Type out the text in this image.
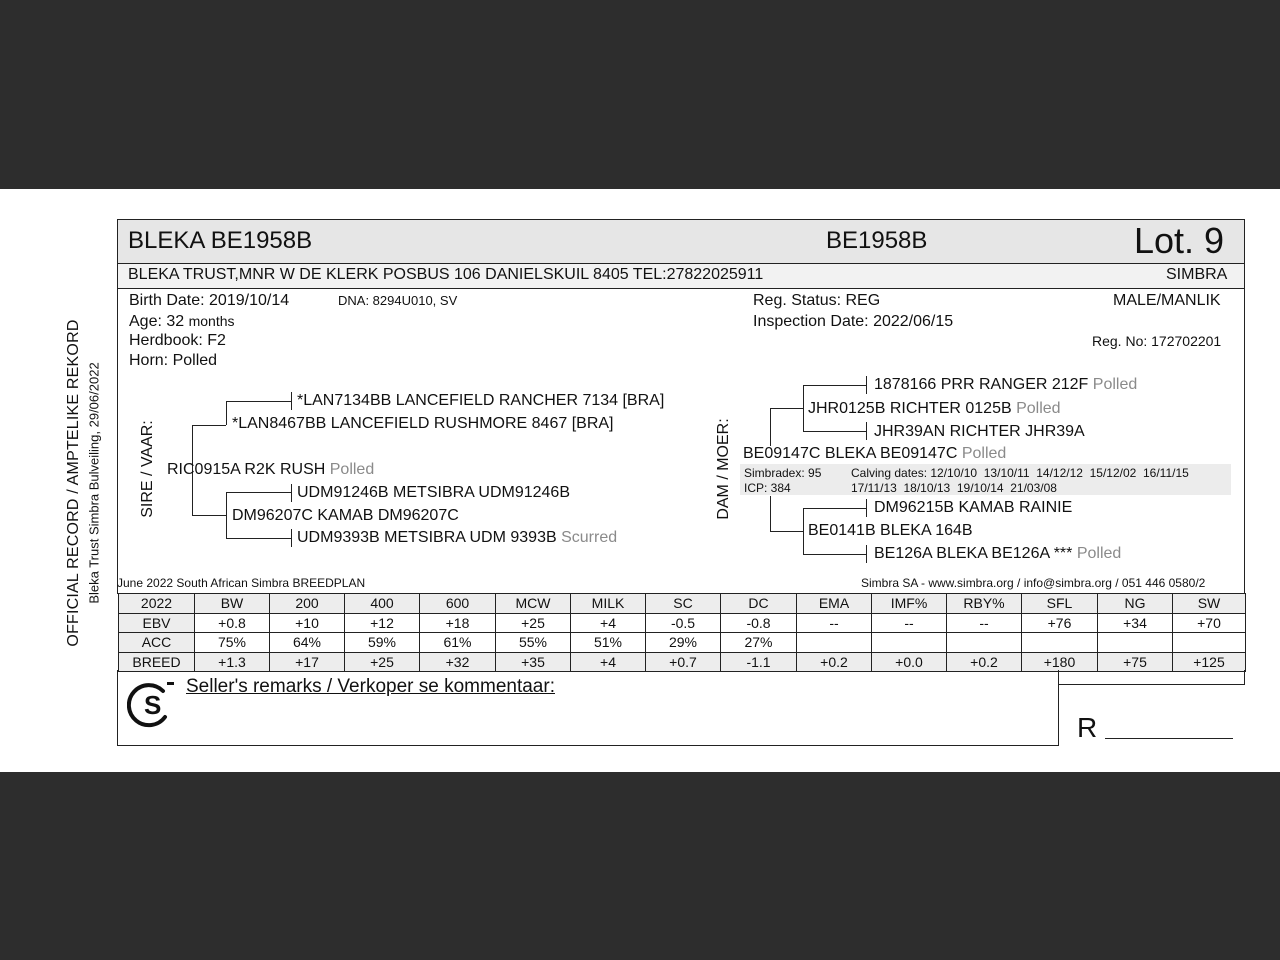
OFFICIAL RECORD / AMPTELIKE REKORD Bleka Trust Simbra Bulveiling, 29/06/2022
BLEKA BE1958B	BE1958B	Lot. 9
BLEKA TRUST,MNR W DE KLERK POSBUS 106 DANIELSKUIL 8405 TEL:27822025911	SIMBRA
Birth Date: 2019/10/14	DNA: 8294U010, SV
Age: 32 months
Herdbook: F2
Horn: Polled
Reg. Status: REG
Inspection Date: 2022/06/15
MALE/MANLIK
Reg. No: 172702201
SIRE / VAAR:
*LAN7134BB LANCEFIELD RANCHER 7134 [BRA]
*LAN8467BB LANCEFIELD RUSHMORE 8467 [BRA]
RIC0915A R2K RUSH Polled
UDM91246B METSIBRA UDM91246B
DM96207C KAMAB DM96207C
UDM9393B METSIBRA UDM 9393B Scurred
DAM / MOER:
1878166 PRR RANGER 212F Polled
JHR0125B RICHTER 0125B Polled
JHR39AN RICHTER JHR39A
BE09147C BLEKA BE09147C Polled
Simbradex: 95
ICP: 384
Calving dates: 12/10/10  13/10/11  14/12/12  15/12/02  16/11/15
17/11/13  18/10/13  19/10/14  21/03/08
DM96215B KAMAB RAINIE
BE0141B BLEKA 164B
BE126A BLEKA BE126A *** Polled
June 2022 South African Simbra BREEDPLAN	Simbra SA - www.simbra.org / info@simbra.org / 051 446 0580/2
2022	BW	200	400	600	MCW	MILK	SC	DC	EMA	IMF%	RBY%	SFL	NG	SW
EBV	+0.8	+10	+12	+18	+25	+4	-0.5	-0.8	--	--	--	+76	+34	+70
ACC	75%	64%	59%	61%	55%	51%	29%	27%						
BREED	+1.3	+17	+25	+32	+35	+4	+0.7	-1.1	+0.2	+0.0	+0.2	+180	+75	+125
S
Seller's remarks / Verkoper se kommentaar:
R
